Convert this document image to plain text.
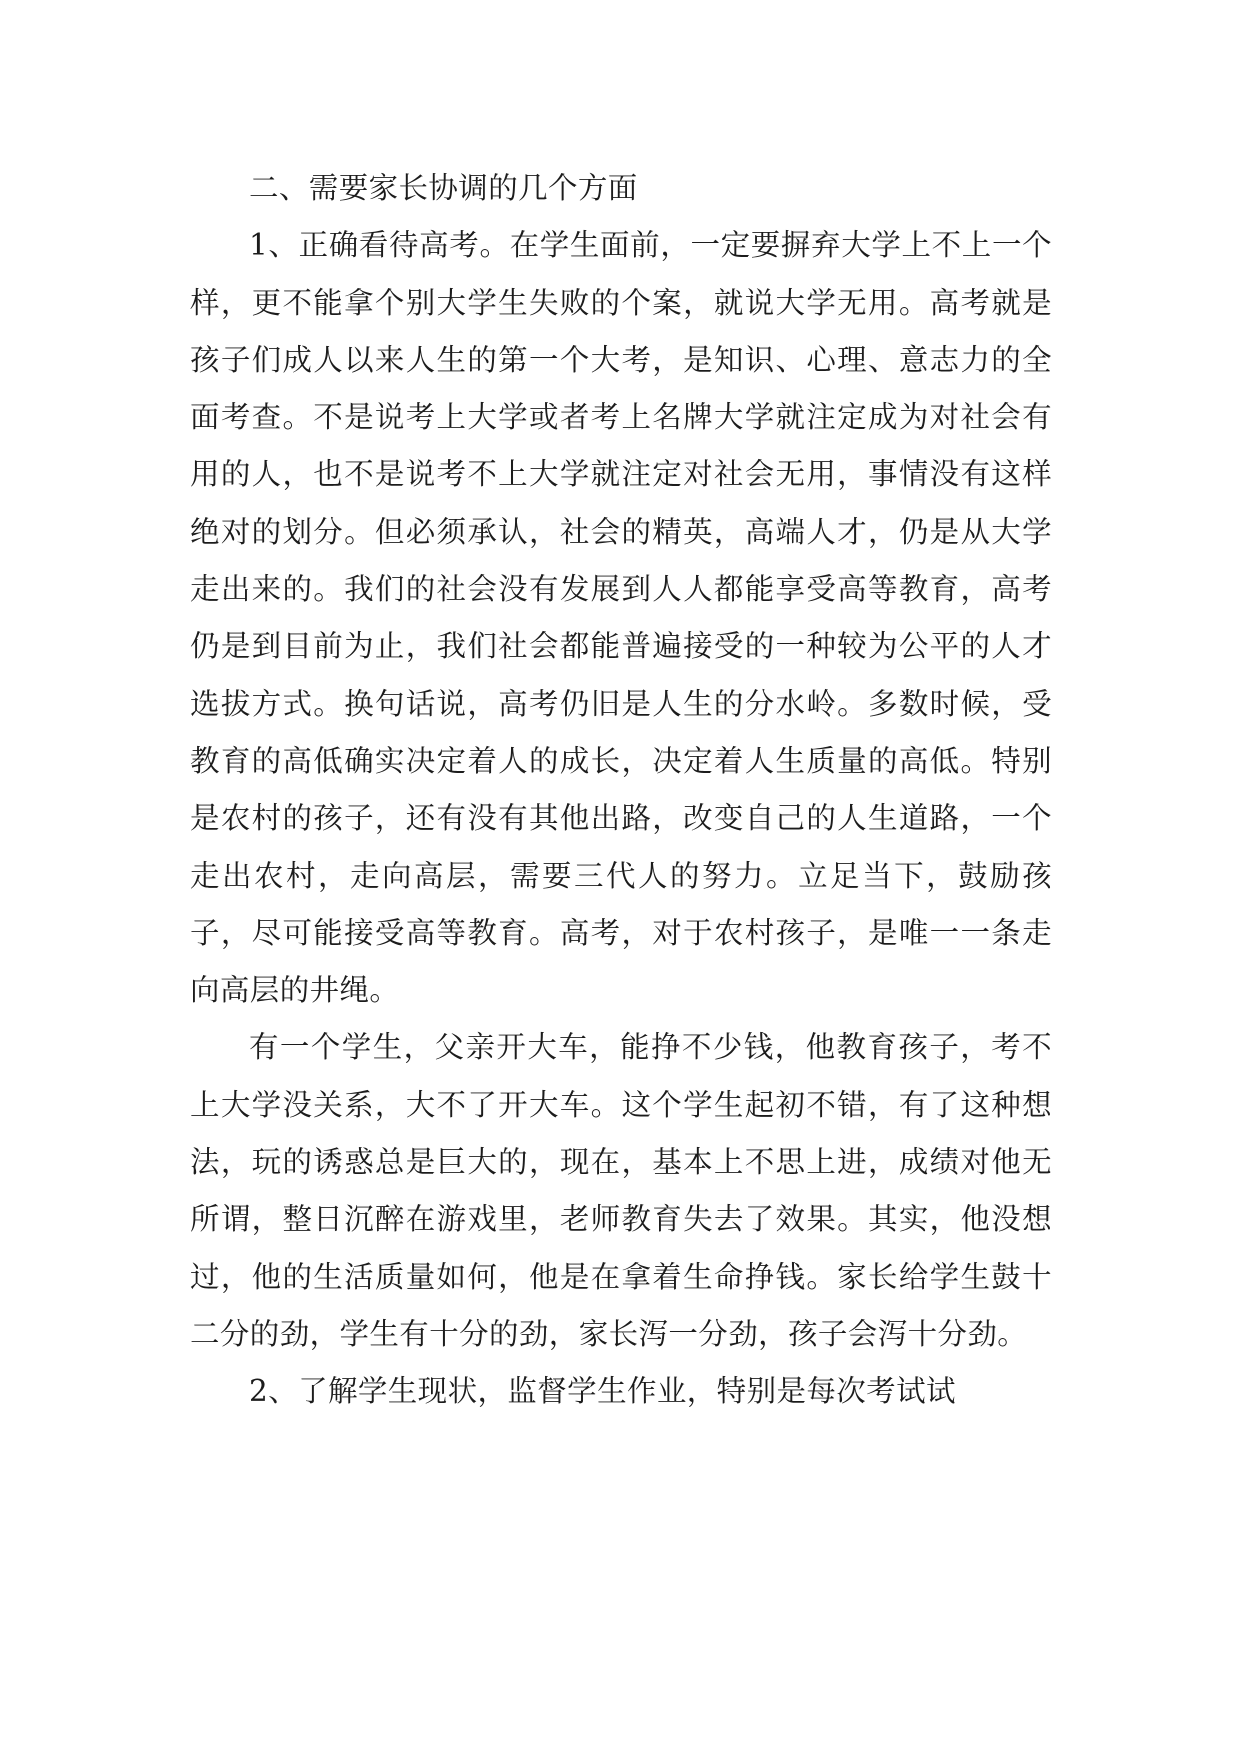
二、需要家长协调的几个方面

1、正确看待高考。在学生面前，一定要摒弃大学上不上一个样，更不能拿个别大学生失败的个案，就说大学无用。高考就是孩子们成人以来人生的第一个大考，是知识、心理、意志力的全面考查。不是说考上大学或者考上名牌大学就注定成为对社会有用的人，也不是说考不上大学就注定对社会无用，事情没有这样绝对的划分。但必须承认，社会的精英，高端人才，仍是从大学走出来的。我们的社会没有发展到人人都能享受高等教育，高考仍是到目前为止，我们社会都能普遍接受的一种较为公平的人才选拔方式。换句话说，高考仍旧是人生的分水岭。多数时候，受教育的高低确实决定着人的成长，决定着人生质量的高低。特别是农村的孩子，还有没有其他出路，改变自己的人生道路，一个走出农村，走向高层，需要三代人的努力。立足当下，鼓励孩子，尽可能接受高等教育。高考，对于农村孩子，是唯一一条走向高层的井绳。

有一个学生，父亲开大车，能挣不少钱，他教育孩子，考不上大学没关系，大不了开大车。这个学生起初不错，有了这种想法，玩的诱惑总是巨大的，现在，基本上不思上进，成绩对他无所谓，整日沉醉在游戏里，老师教育失去了效果。其实，他没想过，他的生活质量如何，他是在拿着生命挣钱。家长给学生鼓十二分的劲，学生有十分的劲，家长泻一分劲，孩子会泻十分劲。

2、了解学生现状，监督学生作业，特别是每次考试试
